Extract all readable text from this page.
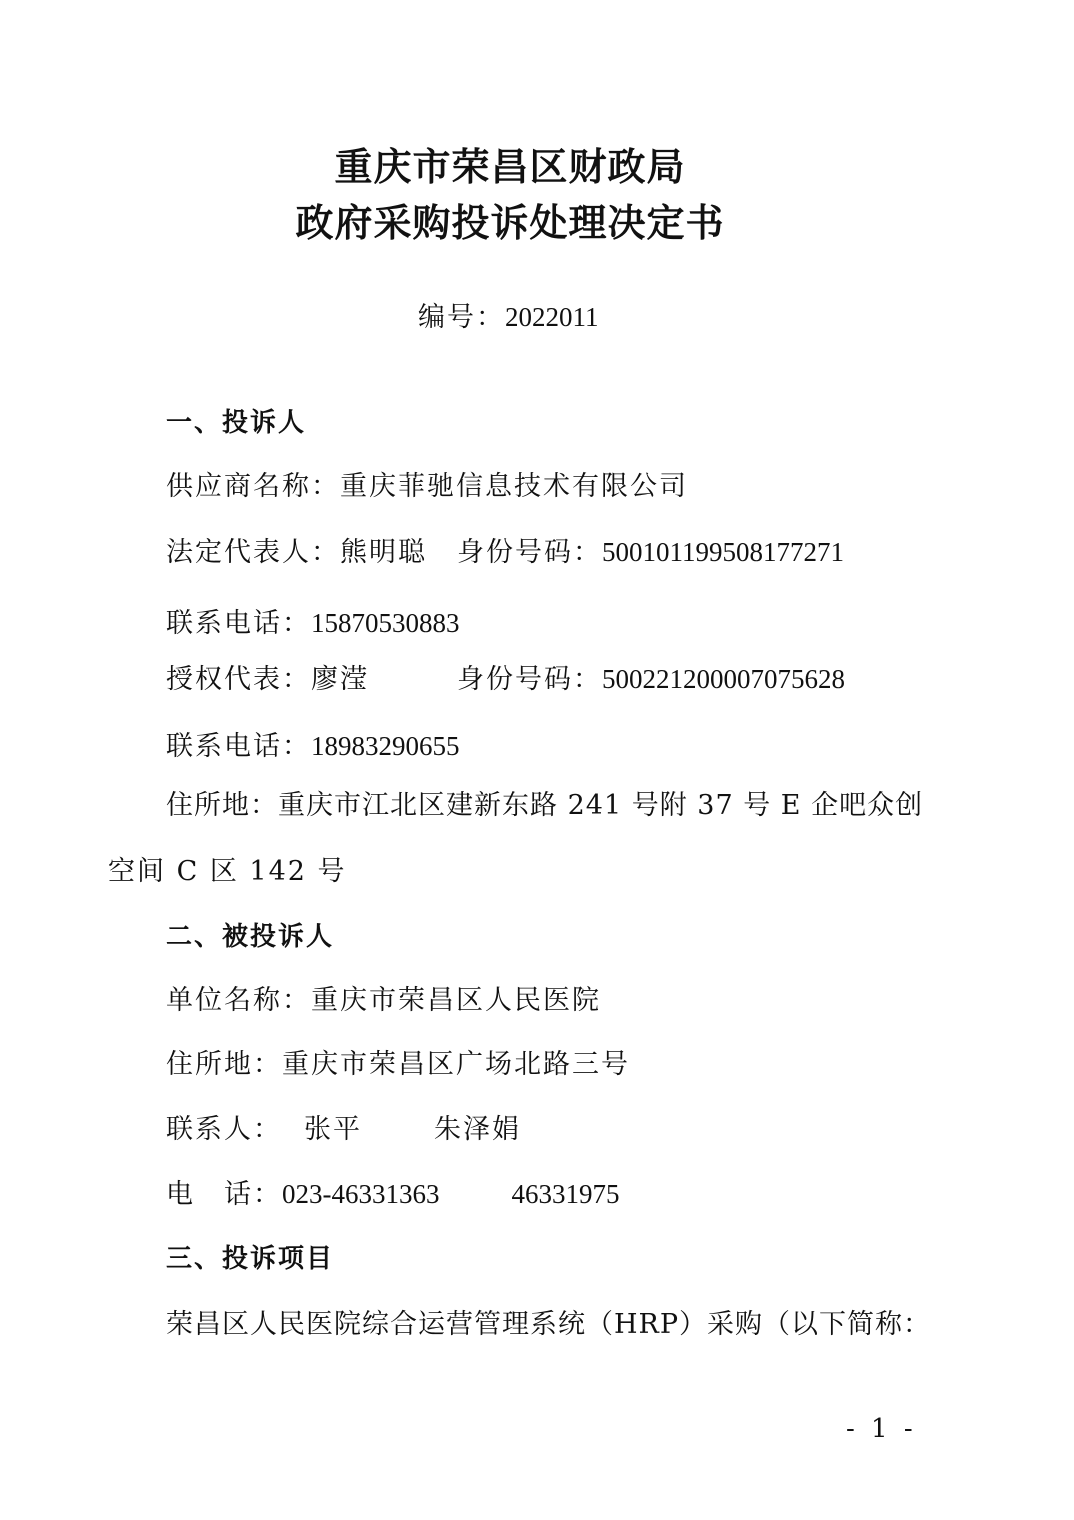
重庆市荣昌区财政局
政府采购投诉处理决定书
编号：2022011
一、投诉人
供应商名称：重庆菲驰信息技术有限公司
法定代表人：熊明聪 身份号码：500101199508177271
联系电话：15870530883
授权代表：廖滢	身份号码：500221200007075628
联系电话：18983290655
住所地：重庆市江北区建新东路 241 号附 37 号 E 企吧众创
空间 C 区 142 号
二、被投诉人
单位名称：重庆市荣昌区人民医院
住所地：重庆市荣昌区广场北路三号
联系人： 张平	朱泽娟
电　话：023-46331363	46331975
三、投诉项目
荣昌区人民医院综合运营管理系统（HRP）采购（以下简称：
- 1 -
